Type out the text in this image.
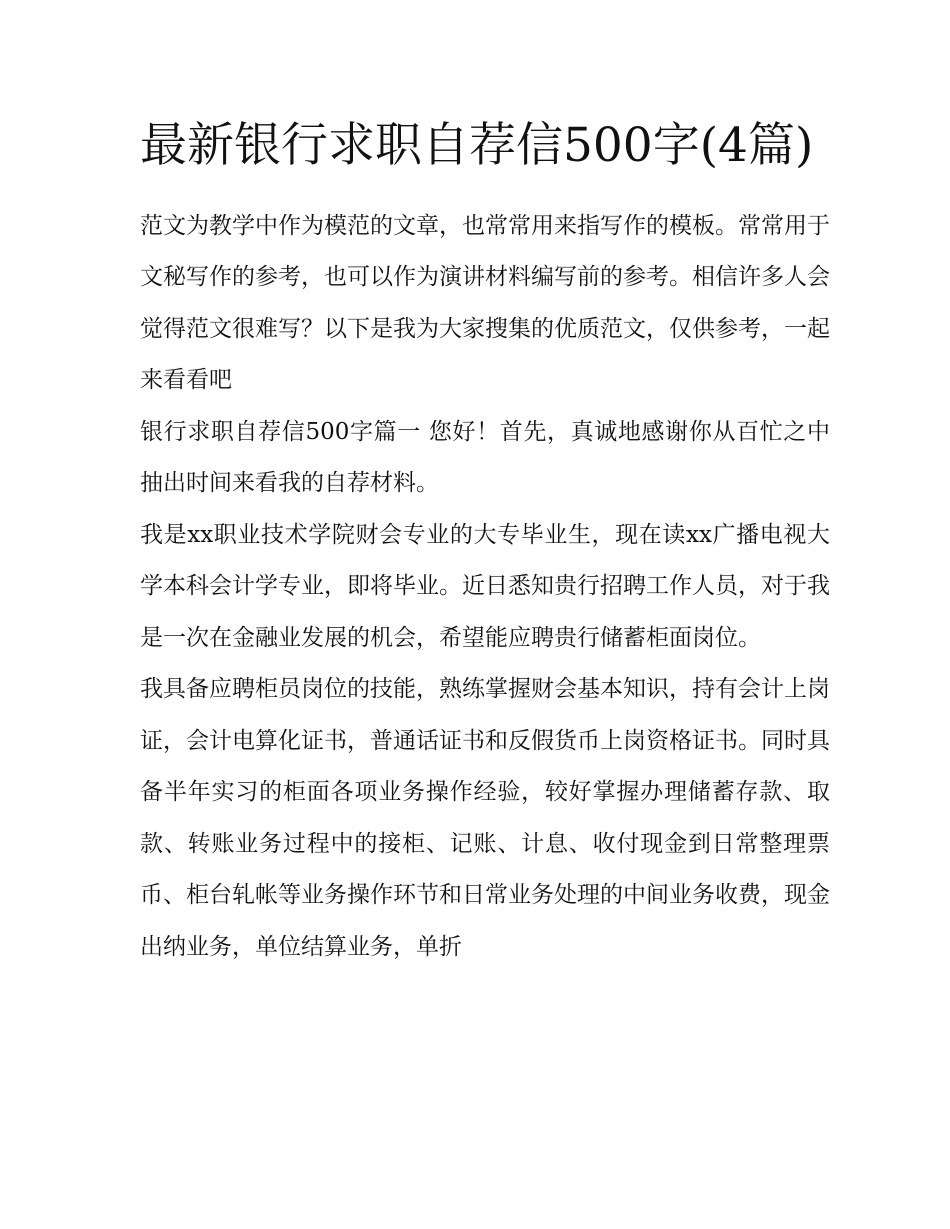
最新银行求职自荐信500字(4篇)

范文为教学中作为模范的文章，也常常用来指写作的模板。常常用于文秘写作的参考，也可以作为演讲材料编写前的参考。相信许多人会觉得范文很难写？以下是我为大家搜集的优质范文，仅供参考，一起来看看吧

银行求职自荐信500字篇一 您好！首先，真诚地感谢你从百忙之中抽出时间来看我的自荐材料。

我是xx职业技术学院财会专业的大专毕业生，现在读xx广播电视大学本科会计学专业，即将毕业。近日悉知贵行招聘工作人员，对于我是一次在金融业发展的机会，希望能应聘贵行储蓄柜面岗位。

我具备应聘柜员岗位的技能，熟练掌握财会基本知识，持有会计上岗证，会计电算化证书，普通话证书和反假货币上岗资格证书。同时具备半年实习的柜面各项业务操作经验，较好掌握办理储蓄存款、取款、转账业务过程中的接柜、记账、计息、收付现金到日常整理票币、柜台轧帐等业务操作环节和日常业务处理的中间业务收费，现金出纳业务，单位结算业务，单折
